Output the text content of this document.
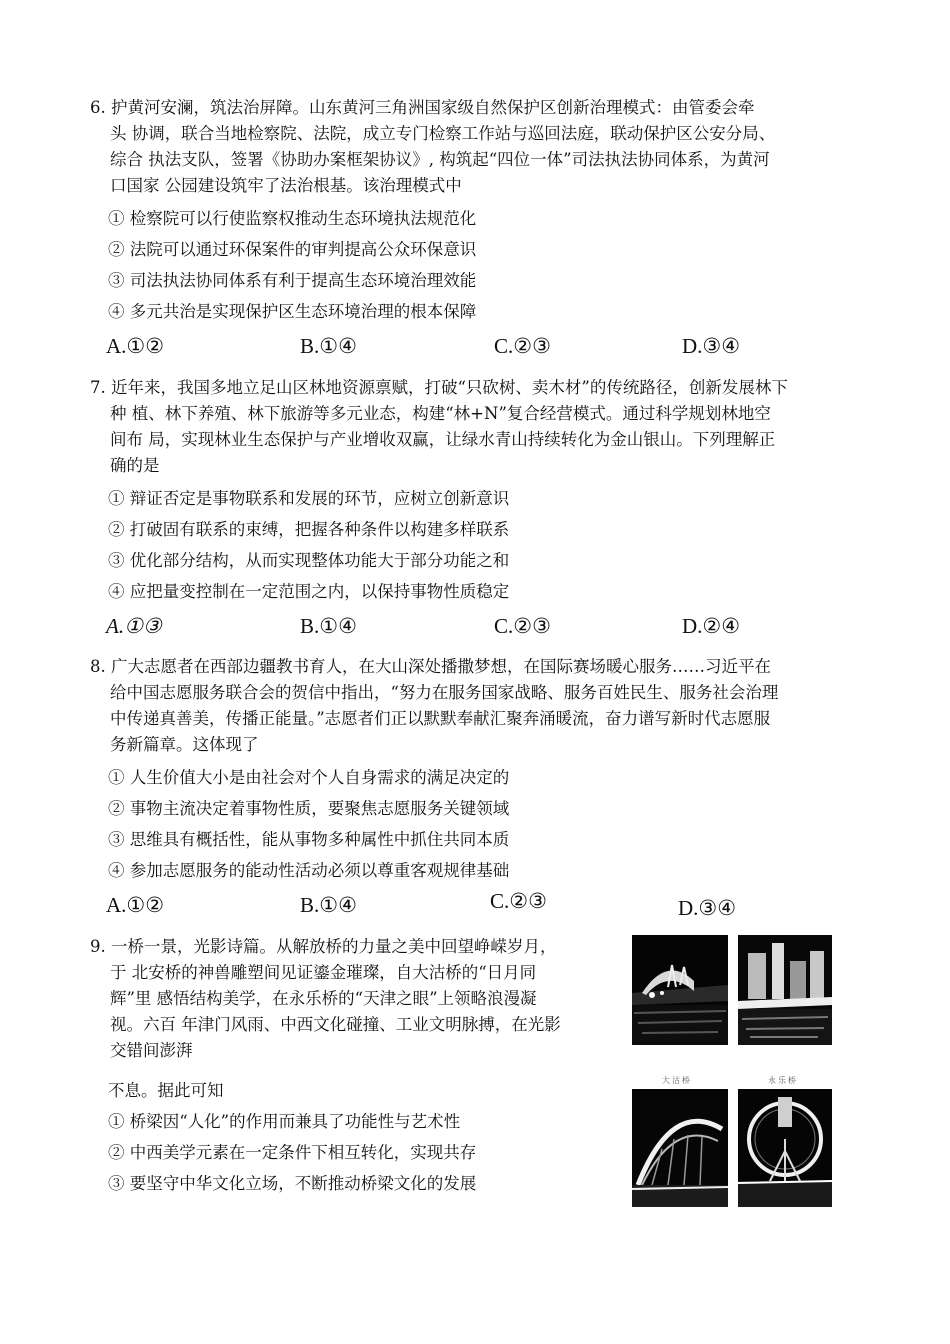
6. 护黄河安澜，筑法治屏障。山东黄河三角洲国家级自然保护区创新治理模式：由管委会牵
头 协调，联合当地检察院、法院，成立专门检察工作站与巡回法庭，联动保护区公安分局、
综合 执法支队，签署《协助办案框架协议》, 构筑起“四位一体”司法执法协同体系，为黄河
口国家 公园建设筑牢了法治根基。该治理模式中

① 检察院可以行使监察权推动生态环境执法规范化

② 法院可以通过环保案件的审判提高公众环保意识

③ 司法执法协同体系有利于提高生态环境治理效能

④ 多元共治是实现保护区生态环境治理的根本保障

A.①②	B.①④	C.②③	D.③④

7. 近年来，我国多地立足山区林地资源禀赋，打破“只砍树、卖木材”的传统路径，创新发展林下
种 植、林下养殖、林下旅游等多元业态，构建“林+N”复合经营模式。通过科学规划林地空
间布 局，实现林业生态保护与产业增收双赢，让绿水青山持续转化为金山银山。下列理解正
确的是

① 辩证否定是事物联系和发展的环节，应树立创新意识

② 打破固有联系的束缚，把握各种条件以构建多样联系

③ 优化部分结构，从而实现整体功能大于部分功能之和

④ 应把量变控制在一定范围之内，以保持事物性质稳定

A.①③	B.①④	C.②③	D.②④

8. 广大志愿者在西部边疆教书育人，在大山深处播撒梦想，在国际赛场暖心服务……习近平在
给中国志愿服务联合会的贺信中指出，“努力在服务国家战略、服务百姓民生、服务社会治理
中传递真善美，传播正能量。”志愿者们正以默默奉献汇聚奔涌暖流，奋力谱写新时代志愿服
务新篇章。这体现了

① 人生价值大小是由社会对个人自身需求的满足决定的

② 事物主流决定着事物性质，要聚焦志愿服务关键领域

③ 思维具有概括性，能从事物多种属性中抓住共同本质

④ 参加志愿服务的能动性活动必须以尊重客观规律基础

A.①②	B.①④	C.②③	D.③④

9. 一桥一景，光影诗篇。从解放桥的力量之美中回望峥嵘岁月，
于 北安桥的神兽雕塑间见证鎏金璀璨，自大沽桥的“日月同
辉”里 感悟结构美学，在永乐桥的“天津之眼”上领略浪漫凝
视。六百 年津门风雨、中西文化碰撞、工业文明脉搏，在光影
交错间澎湃

不息。据此可知

① 桥梁因“人化”的作用而兼具了功能性与艺术性

② 中西美学元素在一定条件下相互转化，实现共存

③ 要坚守中华文化立场，不断推动桥梁文化的发展

大沽桥	永乐桥
